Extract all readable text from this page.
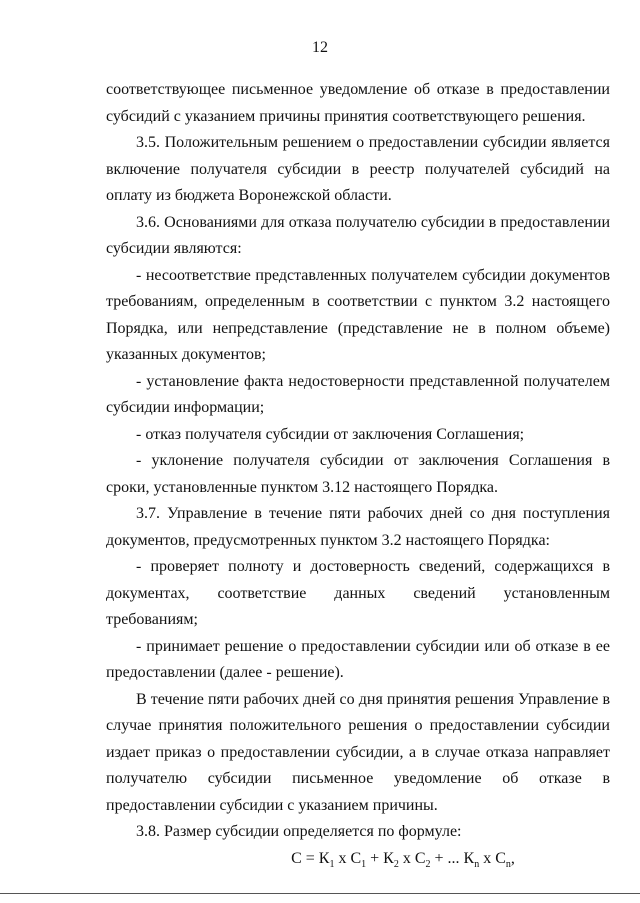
12

соответствующее письменное уведомление об отказе в предоставлении субсидий с указанием причины принятия соответствующего решения.

3.5. Положительным решением о предоставлении субсидии является включение получателя субсидии в реестр получателей субсидий на оплату из бюджета Воронежской области.

3.6. Основаниями для отказа получателю субсидии в предоставлении субсидии являются:

- несоответствие представленных получателем субсидии документов требованиям, определенным в соответствии с пунктом 3.2 настоящего Порядка, или непредставление (представление не в полном объеме) указанных документов;

- установление факта недостоверности представленной получателем субсидии информации;

- отказ получателя субсидии от заключения Соглашения;

- уклонение получателя субсидии от заключения Соглашения в сроки, установленные пунктом 3.12 настоящего Порядка.

3.7. Управление в течение пяти рабочих дней со дня поступления документов, предусмотренных пунктом 3.2 настоящего Порядка:

- проверяет полноту и достоверность сведений, содержащихся в документах, соответствие данных сведений установленным требованиям;

- принимает решение о предоставлении субсидии или об отказе в ее предоставлении (далее - решение).

В течение пяти рабочих дней со дня принятия решения Управление в случае принятия положительного решения о предоставлении субсидии издает приказ о предоставлении субсидии, а в случае отказа направляет получателю субсидии письменное уведомление об отказе в предоставлении субсидии с указанием причины.

3.8. Размер субсидии определяется по формуле:

$С = К_1$ х $С_1 + К_2$ х $С_2$ + ... $К_n$ х $С_n$,
